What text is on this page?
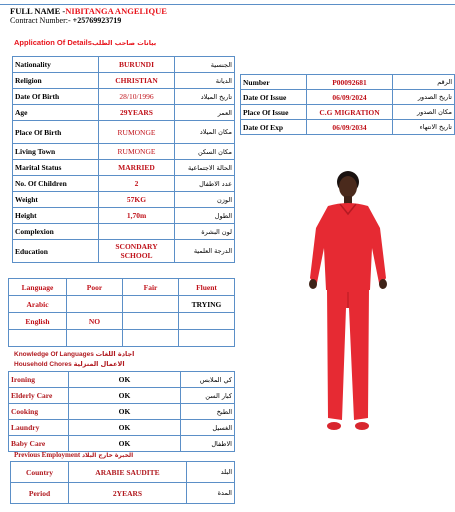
FULL NAME -NIBITANGA ANGELIQUE
Contract Number:- +25769923719
Application Of Detailsبيانات صاحب الطلب
Nationality	BURUNDI	الجنسية
Religion	CHRISTIAN	الديانة
Date Of Birth	28/10/1996	تاريخ الميلاد
Age	29YEARS	العمر
Place Of Birth	RUMONGE	مكان الميلاد
Living Town	RUMONGE	مكان السكن
Marital Status	MARRIED	الحالة الاجتماعية
No. Of Children	2	عدد الاطفال
Weight	57KG	الوزن
Height	1,70m	الطول
Complexion		لون البشرة
Education	SCONDARY SCHOOL	الدرجة العلمية
Number	P00092681	الرقم
Date Of Issue	06/09/2024	تاريخ الصدور
Place Of Issue	C.G MIGRATION	مكان الصدور
Date Of Exp	06/09/2034	تاريخ الانتهاء
Language	Poor	Fair	Fluent
Arabic			TRYING
English	NO		

Knowledge Of Languages اجادة اللغات
Household Chores الاعمال المنزلية
Ironing	OK	كي الملابس
Elderly Care	OK	كبار السن
Cooking	OK	الطبخ
Laundry	OK	الغسيل
Baby Care	OK	الاطفال
Previous Employment الخبرة خارج البلاد
Country	ARABIE SAUDITE	البلد
Period	2YEARS	المدة
